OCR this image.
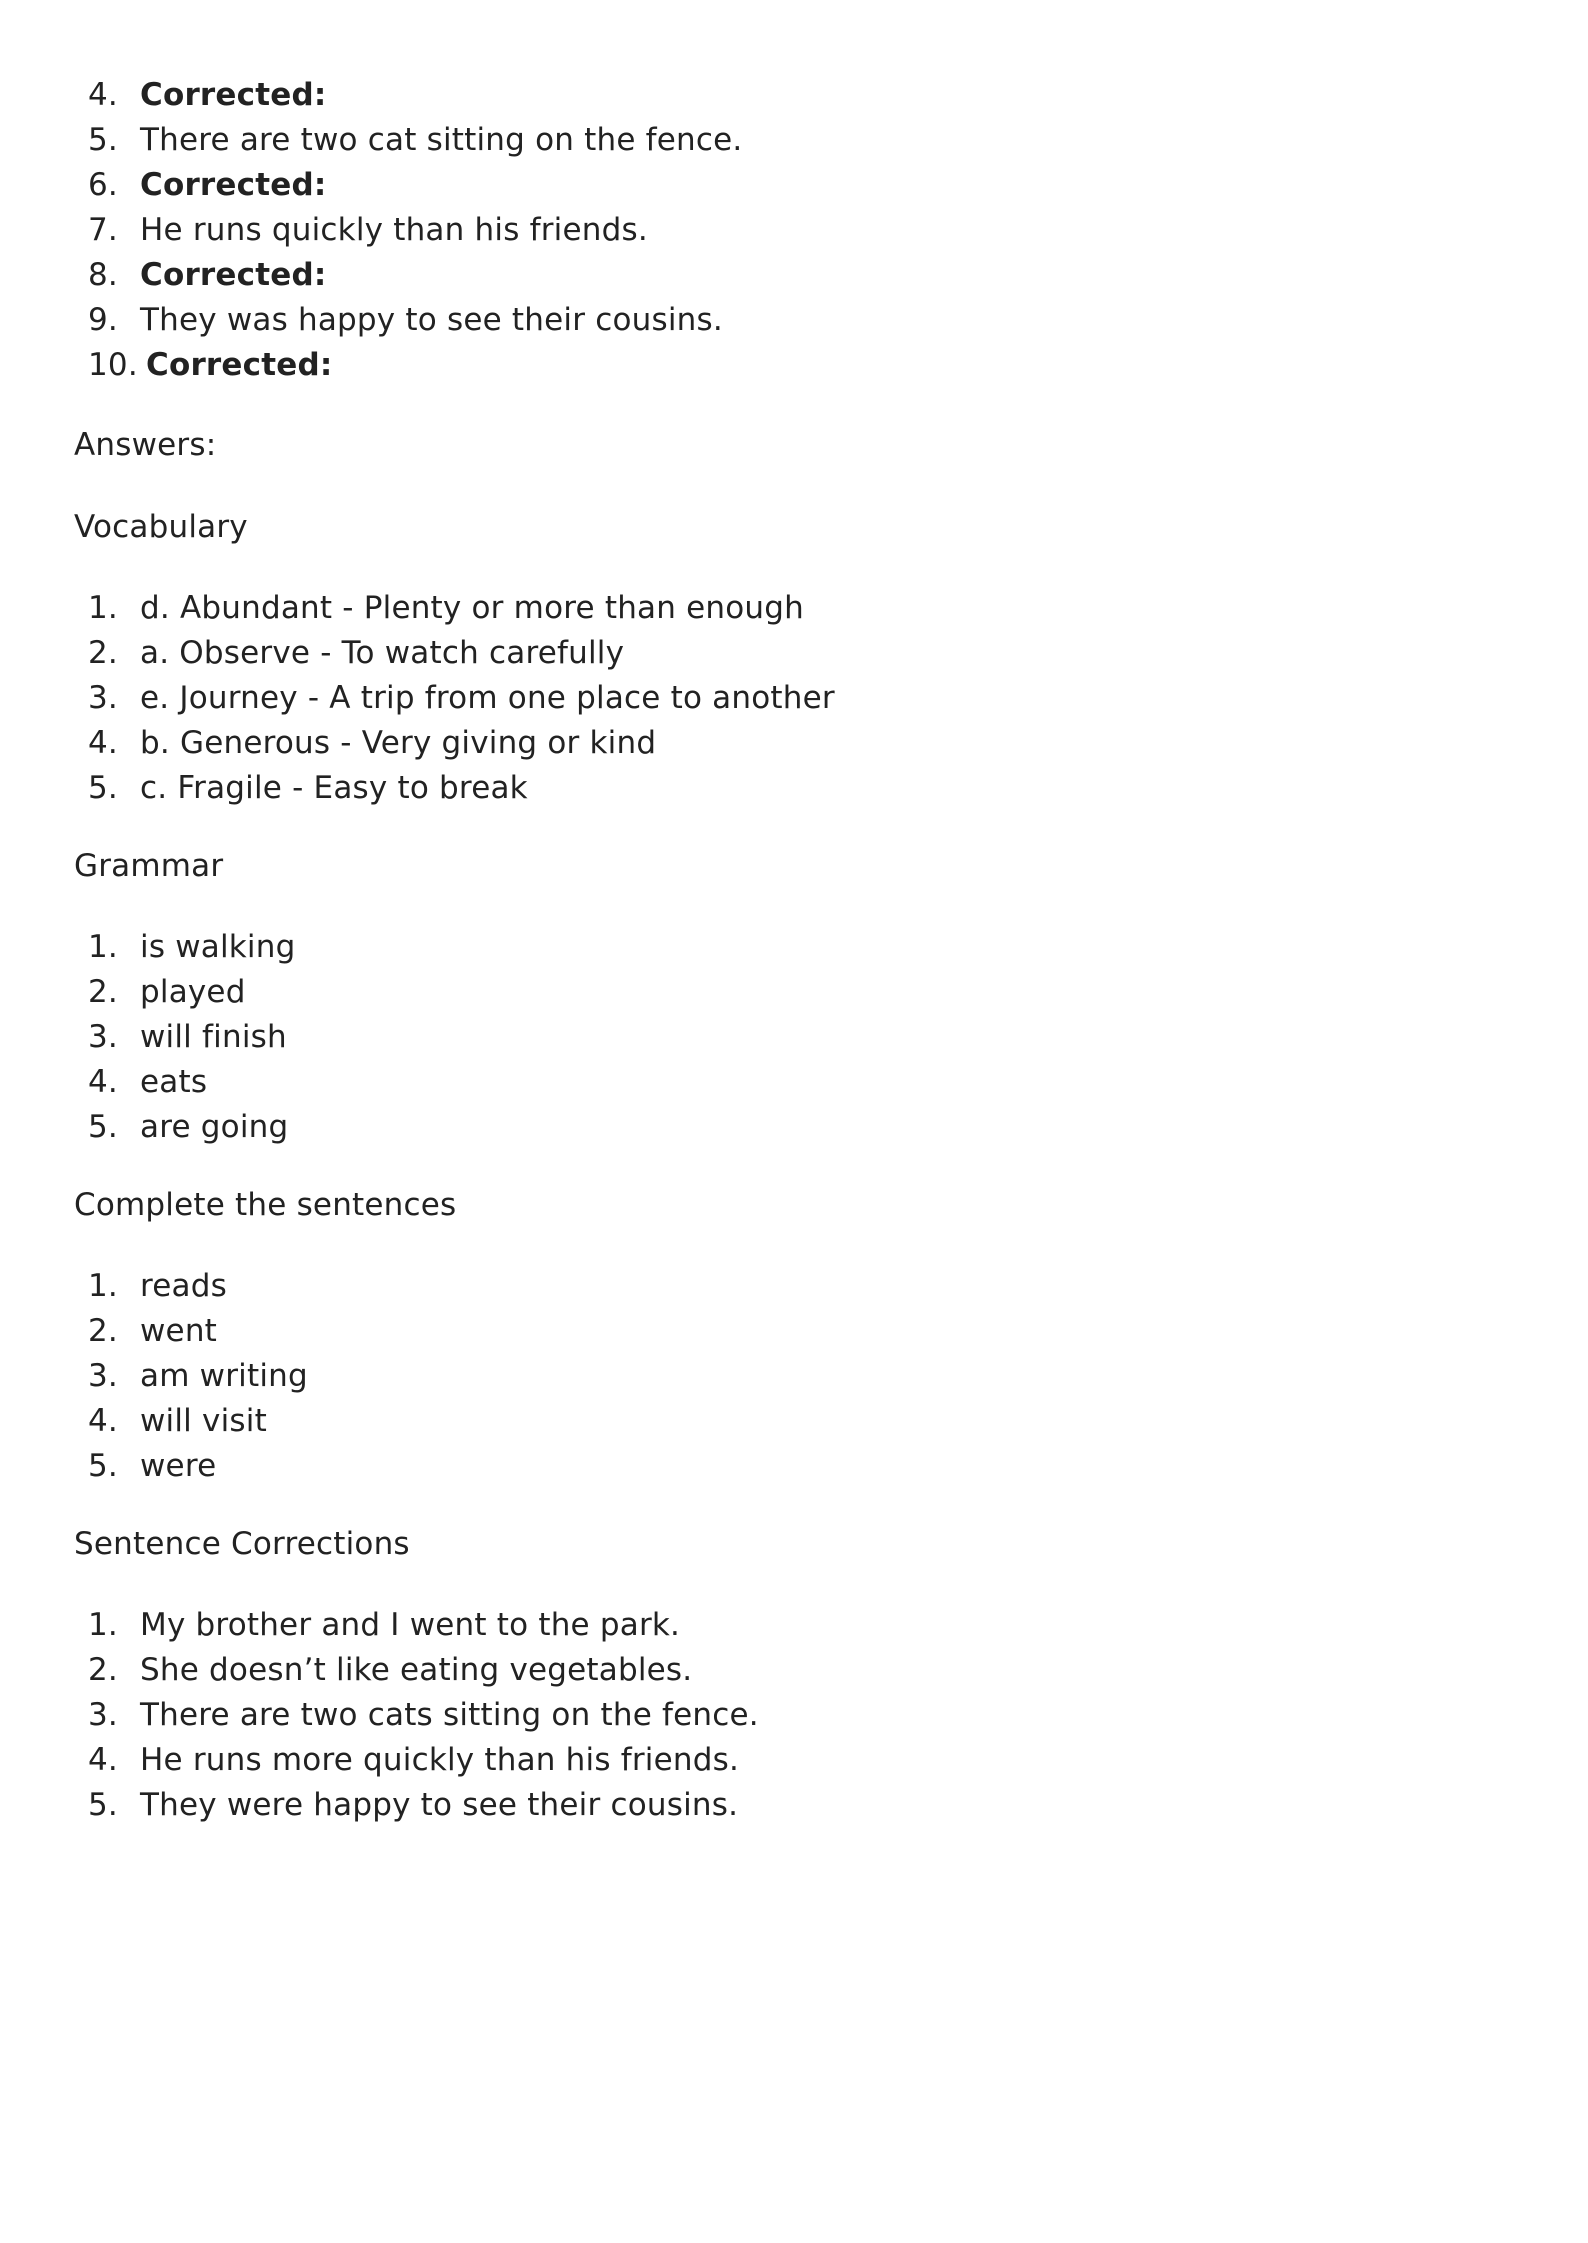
4. Corrected:
5. There are two cat sitting on the fence.
6. Corrected:
7. He runs quickly than his friends.
8. Corrected:
9. They was happy to see their cousins.
10. Corrected:
Answers:
Vocabulary
1. d. Abundant - Plenty or more than enough
2. a. Observe - To watch carefully
3. e. Journey - A trip from one place to another
4. b. Generous - Very giving or kind
5. c. Fragile - Easy to break
Grammar
1. is walking
2. played
3. will finish
4. eats
5. are going
Complete the sentences
1. reads
2. went
3. am writing
4. will visit
5. were
Sentence Corrections
1. My brother and I went to the park.
2. She doesn’t like eating vegetables.
3. There are two cats sitting on the fence.
4. He runs more quickly than his friends.
5. They were happy to see their cousins.
